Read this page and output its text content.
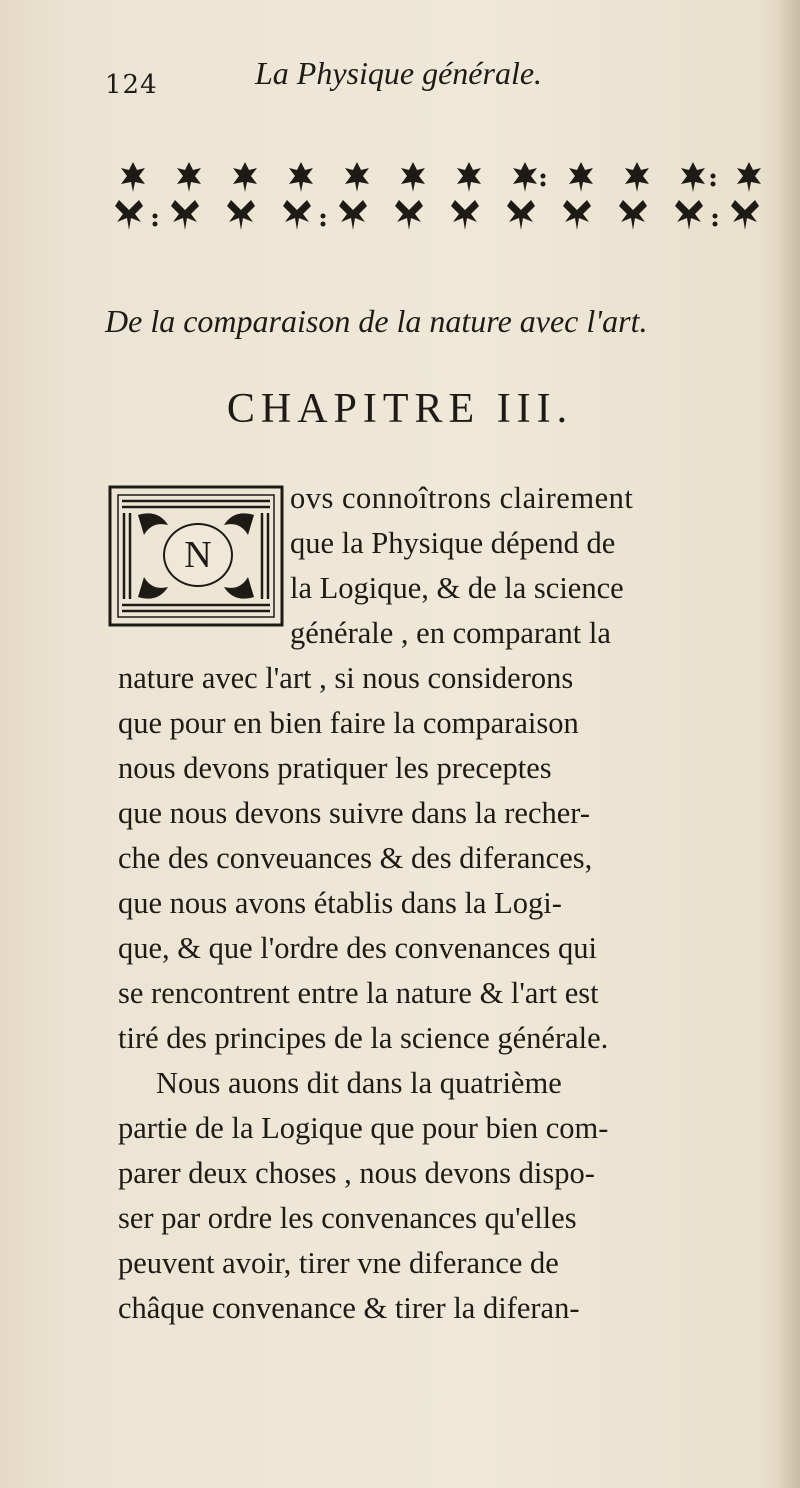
124	La Physique générale.
De la comparaison de la nature avec l'art.
CHAPITRE III.
N
ovs connoîtrons clairement
que la Physique dépend de
la Logique, & de la science
générale , en comparant la
nature avec l'art , si nous considerons
que pour en bien faire la comparaison
nous devons pratiquer les preceptes
que nous devons suivre dans la recher-
che des conveuances & des diferances,
que nous avons établis dans la Logi-
que, & que l'ordre des convenances qui
se rencontrent entre la nature & l'art est
tiré des principes de la science générale.
Nous auons dit dans la quatrième
partie de la Logique que pour bien com-
parer deux choses , nous devons dispo-
ser par ordre les convenances qu'elles
peuvent avoir, tirer vne diferance de
châque convenance & tirer la diferan-
